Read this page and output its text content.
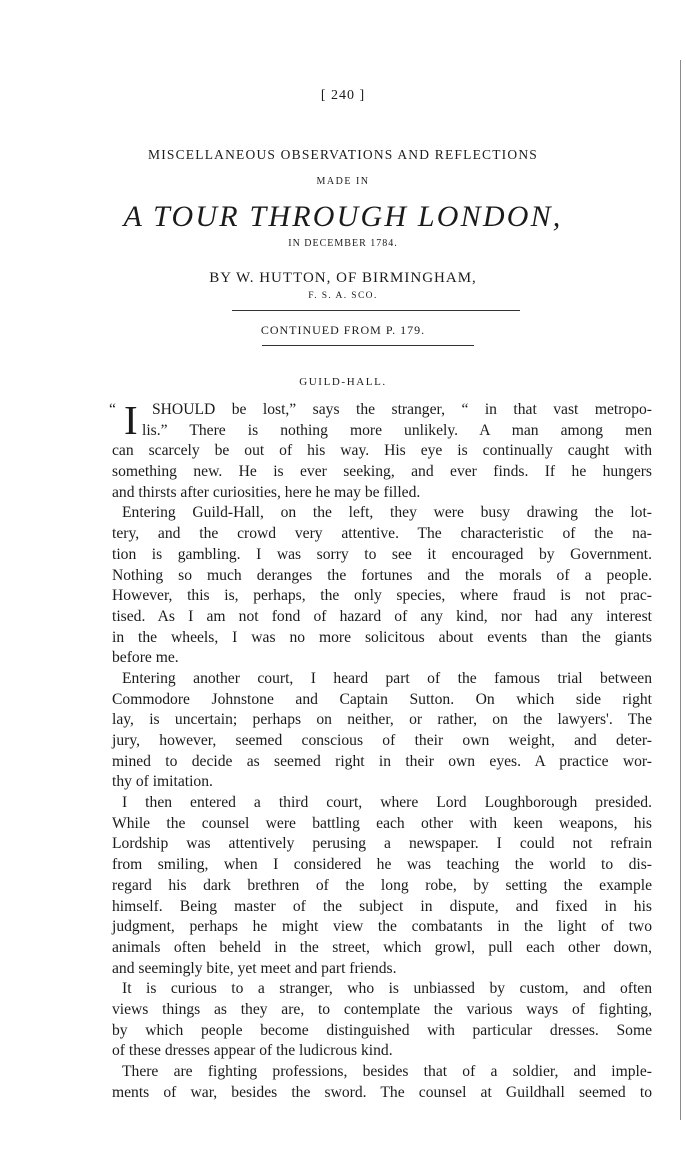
[ 240 ]
MISCELLANEOUS OBSERVATIONS AND REFLECTIONS
MADE IN
A TOUR THROUGH LONDON,
IN DECEMBER 1784.
BY W. HUTTON, OF BIRMINGHAM,
F. S. A. SCO.
CONTINUED FROM P. 179.
GUILD-HALL.
“ I SHOULD be lost,” says the stranger, “ in that vast metropo-
lis.” There is nothing more unlikely. A man among men
can scarcely be out of his way. His eye is continually caught with
something new. He is ever seeking, and ever finds. If he hungers
and thirsts after curiosities, here he may be filled.
Entering Guild-Hall, on the left, they were busy drawing the lot-
tery, and the crowd very attentive. The characteristic of the na-
tion is gambling. I was sorry to see it encouraged by Government.
Nothing so much deranges the fortunes and the morals of a people.
However, this is, perhaps, the only species, where fraud is not prac-
tised. As I am not fond of hazard of any kind, nor had any interest
in the wheels, I was no more solicitous about events than the giants
before me.
Entering another court, I heard part of the famous trial between
Commodore Johnstone and Captain Sutton. On which side right
lay, is uncertain; perhaps on neither, or rather, on the lawyers'. The
jury, however, seemed conscious of their own weight, and deter-
mined to decide as seemed right in their own eyes. A practice wor-
thy of imitation.
I then entered a third court, where Lord Loughborough presided.
While the counsel were battling each other with keen weapons, his
Lordship was attentively perusing a newspaper. I could not refrain
from smiling, when I considered he was teaching the world to dis-
regard his dark brethren of the long robe, by setting the example
himself. Being master of the subject in dispute, and fixed in his
judgment, perhaps he might view the combatants in the light of two
animals often beheld in the street, which growl, pull each other down,
and seemingly bite, yet meet and part friends.
It is curious to a stranger, who is unbiassed by custom, and often
views things as they are, to contemplate the various ways of fighting,
by which people become distinguished with particular dresses. Some
of these dresses appear of the ludicrous kind.
There are fighting professions, besides that of a soldier, and imple-
ments of war, besides the sword. The counsel at Guildhall seemed to
